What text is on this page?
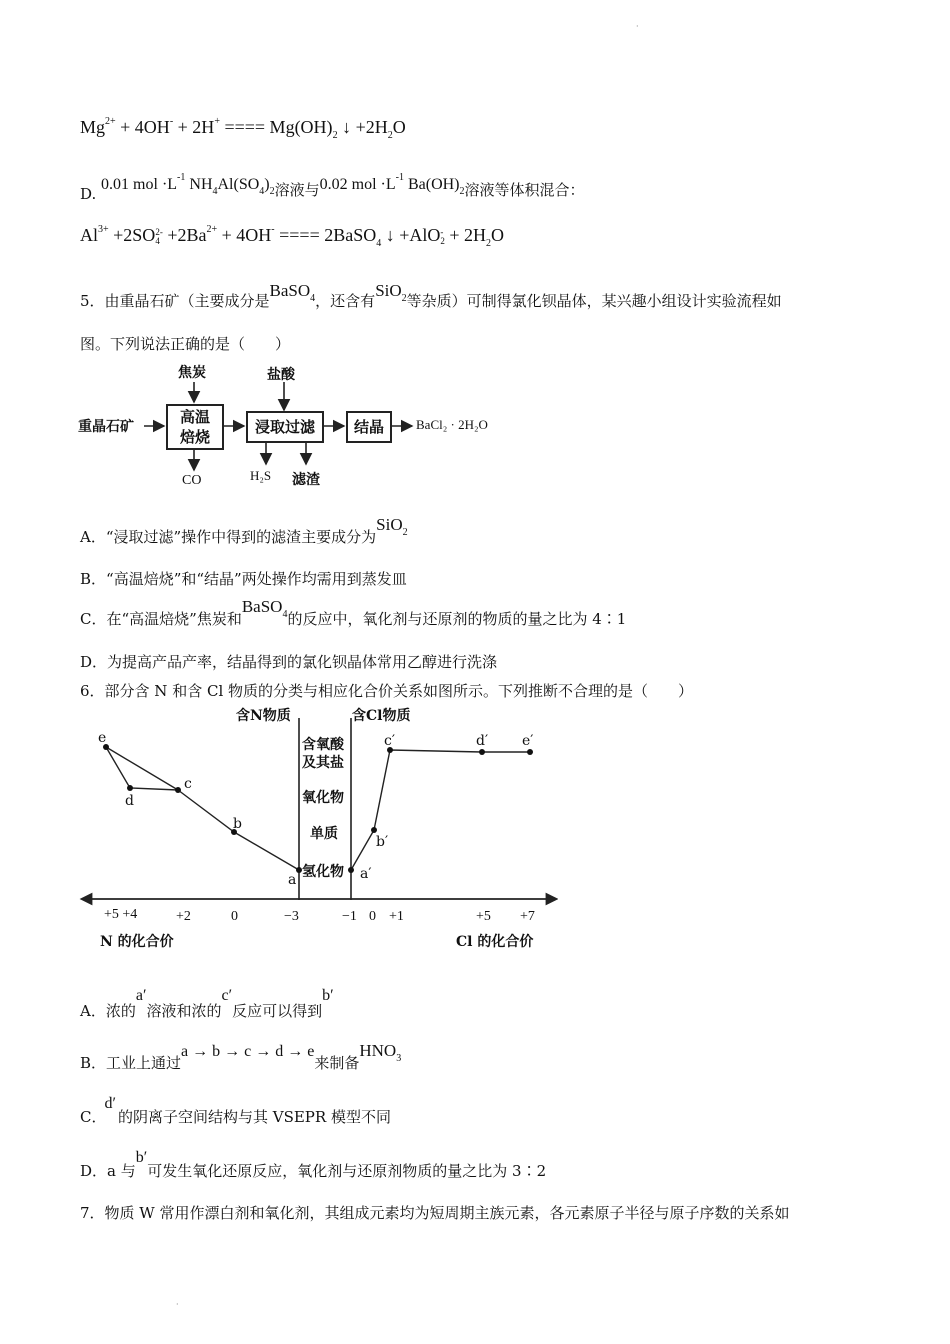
·
$Mg^{2+} + 4OH^- + 2H^+$ ==== $Mg(OH)_2$ ↓ $+2H_2O$
D. 0.01 mol $\cdot L^{-1}$ $NH_4Al(SO_4)_2$溶液与0.02 mol $\cdot L^{-1}$ $Ba(OH)_2$溶液等体积混合：
$Al^{3+} +2SO2-$
$4 +2Ba^{2+} + 4OH^-$ ==== 2BaSO$_4$ ↓ +AlO-
$2 + 2H_2O$
5．由重晶石矿（主要成分是BaSO$_4$，还含有SiO$_2$等杂质）可制得氯化钡晶体，某兴趣小组设计实验流程如
图。下列说法正确的是（　　）
重晶石矿
焦炭	盐酸
高温焙烧
浸取过滤	结晶	BaCl₂ · 2H₂O
CO	H₂S 滤渣
A．“浸取过滤”操作中得到的滤渣主要成分为SiO$_2$
B．“高温焙烧”和“结晶”两处操作均需用到蒸发皿
C．在“高温焙烧”焦炭和BaSO$_4$的反应中，氧化剂与还原剂的物质的量之比为 4∶1
D．为提高产品产率，结晶得到的氯化钡晶体常用乙醇进行洗涤
6．部分含 N 和含 Cl 物质的分类与相应化合价关系如图所示。下列推断不合理的是（　　）
含N物质	含Cl物质
含氧酸
及其盐
氧化物
单质
氢化物
e
d
c
b
a	a′
b′
c′	d′ e′
+5 +4	+2	0	−3	−1 0 +1	+5 +7
N 的化合价	Cl 的化合价
A．浓的a′溶液和浓的c′反应可以得到b′
B．工业上通过a → b → c → d → e来制备$HNO_3$
C．d′的阴离子空间结构与其 VSEPR 模型不同
D．a 与b′可发生氧化还原反应，氧化剂与还原剂物质的量之比为 3∶2
7．物质 W 常用作漂白剂和氧化剂，其组成元素均为短周期主族元素，各元素原子半径与原子序数的关系如
·
